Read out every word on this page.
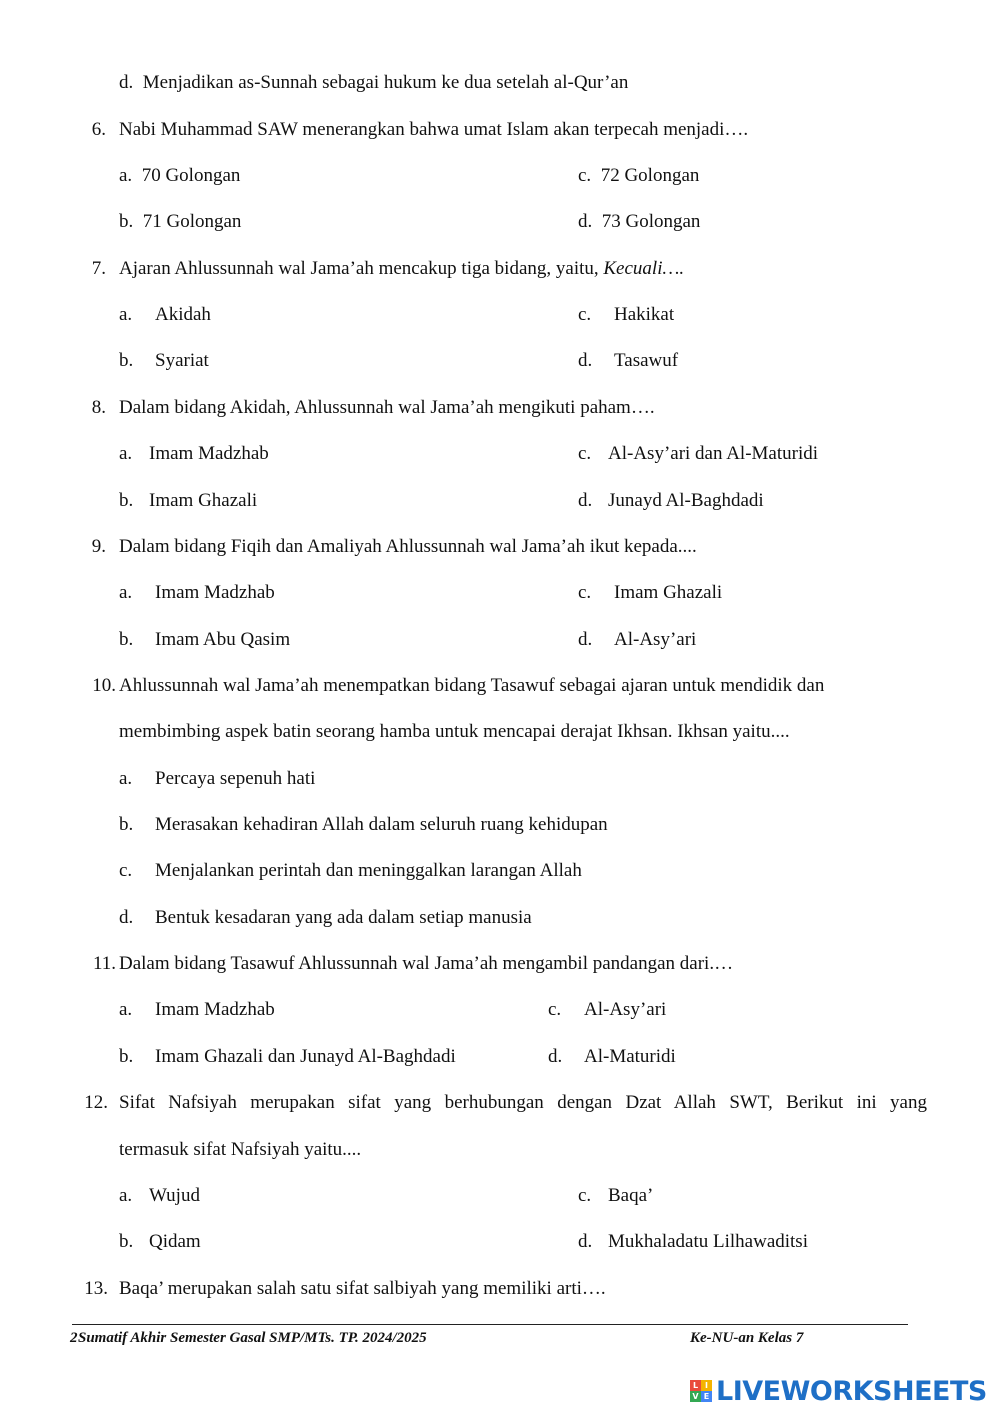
d. Menjadikan as-Sunnah sebagai hukum ke dua setelah al-Qur’an
6. Nabi Muhammad SAW menerangkan bahwa umat Islam akan terpecah menjadi….
a. 70 Golongan
b. 71 Golongan
c. 72 Golongan
d. 73 Golongan
7. Ajaran Ahlussunnah wal Jama’ah mencakup tiga bidang, yaitu, Kecuali….
a. Akidah
b. Syariat
c. Hakikat
d. Tasawuf
8. Dalam bidang Akidah, Ahlussunnah wal Jama’ah mengikuti paham….
a. Imam Madzhab
b. Imam Ghazali
c. Al-Asy’ari dan Al-Maturidi
d. Junayd Al-Baghdadi
9. Dalam bidang Fiqih dan Amaliyah Ahlussunnah wal Jama’ah ikut kepada....
a. Imam Madzhab
b. Imam Abu Qasim
c. Imam Ghazali
d. Al-Asy’ari
10. Ahlussunnah wal Jama’ah menempatkan bidang Tasawuf sebagai ajaran untuk mendidik dan
membimbing aspek batin seorang hamba untuk mencapai derajat Ikhsan. Ikhsan yaitu....
a. Percaya sepenuh hati
b. Merasakan kehadiran Allah dalam seluruh ruang kehidupan
c. Menjalankan perintah dan meninggalkan larangan Allah
d. Bentuk kesadaran yang ada dalam setiap manusia
11. Dalam bidang Tasawuf Ahlussunnah wal Jama’ah mengambil pandangan dari.…
a. Imam Madzhab
b. Imam Ghazali dan Junayd Al-Baghdadi
c. Al-Asy’ari
d. Al-Maturidi
12. Sifat Nafsiyah merupakan sifat yang berhubungan dengan Dzat Allah SWT, Berikut ini yang
termasuk sifat Nafsiyah yaitu....
a. Wujud
b. Qidam
c. Baqa’
d. Mukhaladatu Lilhawaditsi
13. Baqa’ merupakan salah satu sifat salbiyah yang memiliki arti….
2 Sumatif Akhir Semester Gasal SMP/MTs. TP. 2024/2025	Ke-NU-an Kelas 7
L I
V E LIVEWORKSHEETS
